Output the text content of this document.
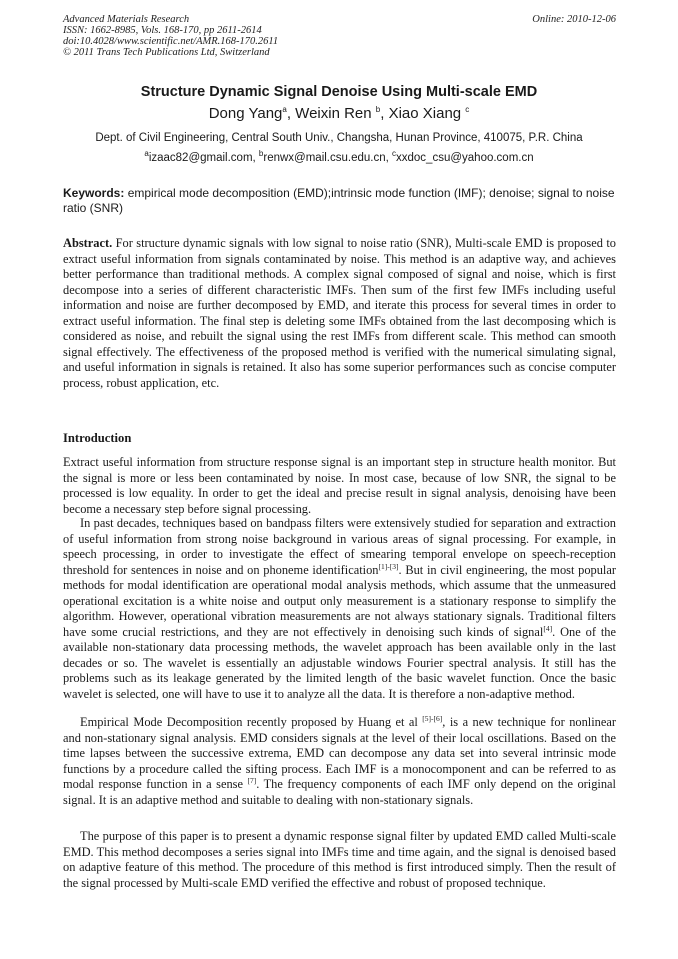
Advanced Materials Research
ISSN: 1662-8985, Vols. 168-170, pp 2611-2614
doi:10.4028/www.scientific.net/AMR.168-170.2611
© 2011 Trans Tech Publications Ltd, Switzerland
Online: 2010-12-06
Structure Dynamic Signal Denoise Using Multi-scale EMD
Dong Yang$^a$, Weixin Ren $^b$, Xiao Xiang $^c$
Dept. of Civil Engineering, Central South Univ., Changsha, Hunan Province, 410075, P.R. China
$^a$izaac82@gmail.com, $^b$renwx@mail.csu.edu.cn, $^c$xxdoc_csu@yahoo.com.cn
Keywords: empirical mode decomposition (EMD);intrinsic mode function (IMF); denoise; signal to noise ratio (SNR)

Abstract. For structure dynamic signals with low signal to noise ratio (SNR), Multi-scale EMD is proposed to extract useful information from signals contaminated by noise. This method is an adaptive way, and achieves better performance than traditional methods. A complex signal composed of signal and noise, which is first decompose into a series of different characteristic IMFs. Then sum of the first few IMFs including useful information and noise are further decomposed by EMD, and iterate this process for several times in order to extract useful information. The final step is deleting some IMFs obtained from the last decomposing which is considered as noise, and rebuilt the signal using the rest IMFs from different scale. This method can smooth signal effectively. The effectiveness of the proposed method is verified with the numerical simulating signal, and useful information in signals is retained. It also has some superior performances such as concise computer process, robust application, etc.

Introduction

Extract useful information from structure response signal is an important step in structure health monitor. But the signal is more or less been contaminated by noise. In most case, because of low SNR, the signal to be processed is low equality. In order to get the ideal and precise result in signal analysis, denoising have been become a necessary step before signal processing.

In past decades, techniques based on bandpass filters were extensively studied for separation and extraction of useful information from strong noise background in various areas of signal processing. For example, in speech processing, in order to investigate the effect of smearing temporal envelope on speech-reception threshold for sentences in noise and on phoneme identification[1]-[3]. But in civil engineering, the most popular methods for modal identification are operational modal analysis methods, which assume that the unmeasured operational excitation is a white noise and output only measurement is a stationary response to simplify the algorithm. However, operational vibration measurements are not always stationary signals. Traditional filters have some crucial restrictions, and they are not effectively in denoising such kinds of signal[4]. One of the available non-stationary data processing methods, the wavelet approach has been available only in the last decades or so. The wavelet is essentially an adjustable windows Fourier spectral analysis. It still has the problems such as its leakage generated by the limited length of the basic wavelet function. Once the basic wavelet is selected, one will have to use it to analyze all the data. It is therefore a non-adaptive method.

Empirical Mode Decomposition recently proposed by Huang et al [5]-[6], is a new technique for nonlinear and non-stationary signal analysis. EMD considers signals at the level of their local oscillations. Based on the time lapses between the successive extrema, EMD can decompose any data set into several intrinsic mode functions by a procedure called the sifting process. Each IMF is a monocomponent and can be referred to as modal response function in a sense [7]. The frequency components of each IMF only depend on the original signal. It is an adaptive method and suitable to dealing with non-stationary signals.

The purpose of this paper is to present a dynamic response signal filter by updated EMD called Multi-scale EMD. This method decomposes a series signal into IMFs time and time again, and the signal is denoised based on adaptive feature of this method. The procedure of this method is first introduced simply. Then the result of the signal processed by Multi-scale EMD verified the effective and robust of proposed technique.
